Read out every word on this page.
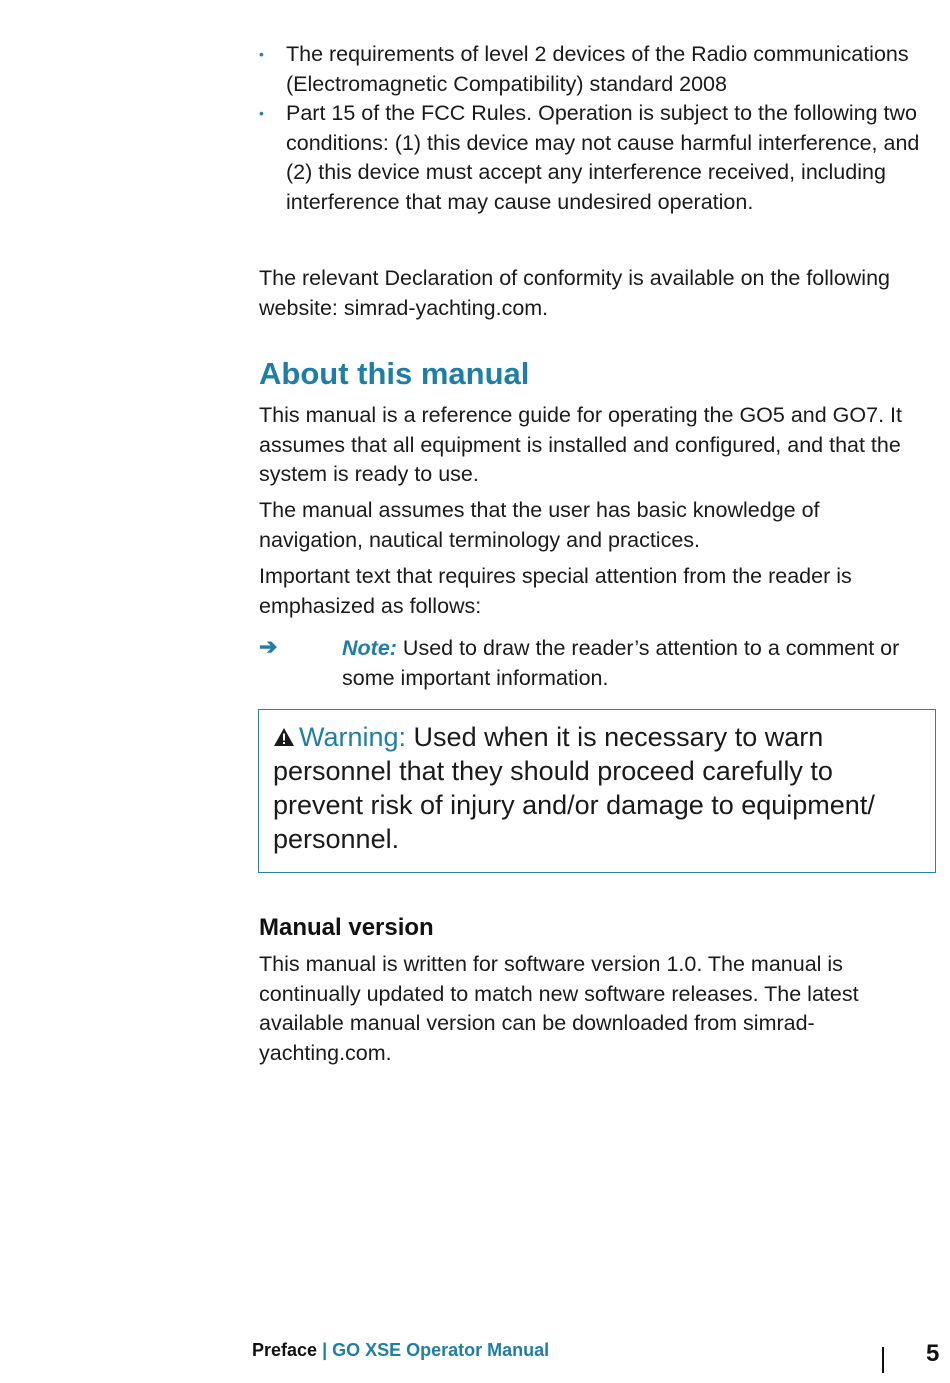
• The requirements of level 2 devices of the Radio communications (Electromagnetic Compatibility) standard 2008
• Part 15 of the FCC Rules. Operation is subject to the following two conditions: (1) this device may not cause harmful interference, and (2) this device must accept any interference received, including interference that may cause undesired operation.

The relevant Declaration of conformity is available on the following website: simrad-yachting.com.

About this manual

This manual is a reference guide for operating the GO5 and GO7. It assumes that all equipment is installed and configured, and that the system is ready to use.

The manual assumes that the user has basic knowledge of navigation, nautical terminology and practices.

Important text that requires special attention from the reader is emphasized as follows:

➔	Note: Used to draw the reader’s attention to a comment or some important information.

Warning: Used when it is necessary to warn personnel that they should proceed carefully to prevent risk of injury and/or damage to equipment/ personnel.

Manual version

This manual is written for software version 1.0. The manual is continually updated to match new software releases. The latest available manual version can be downloaded from simrad-yachting.com.

Preface | GO XSE Operator Manual	5
